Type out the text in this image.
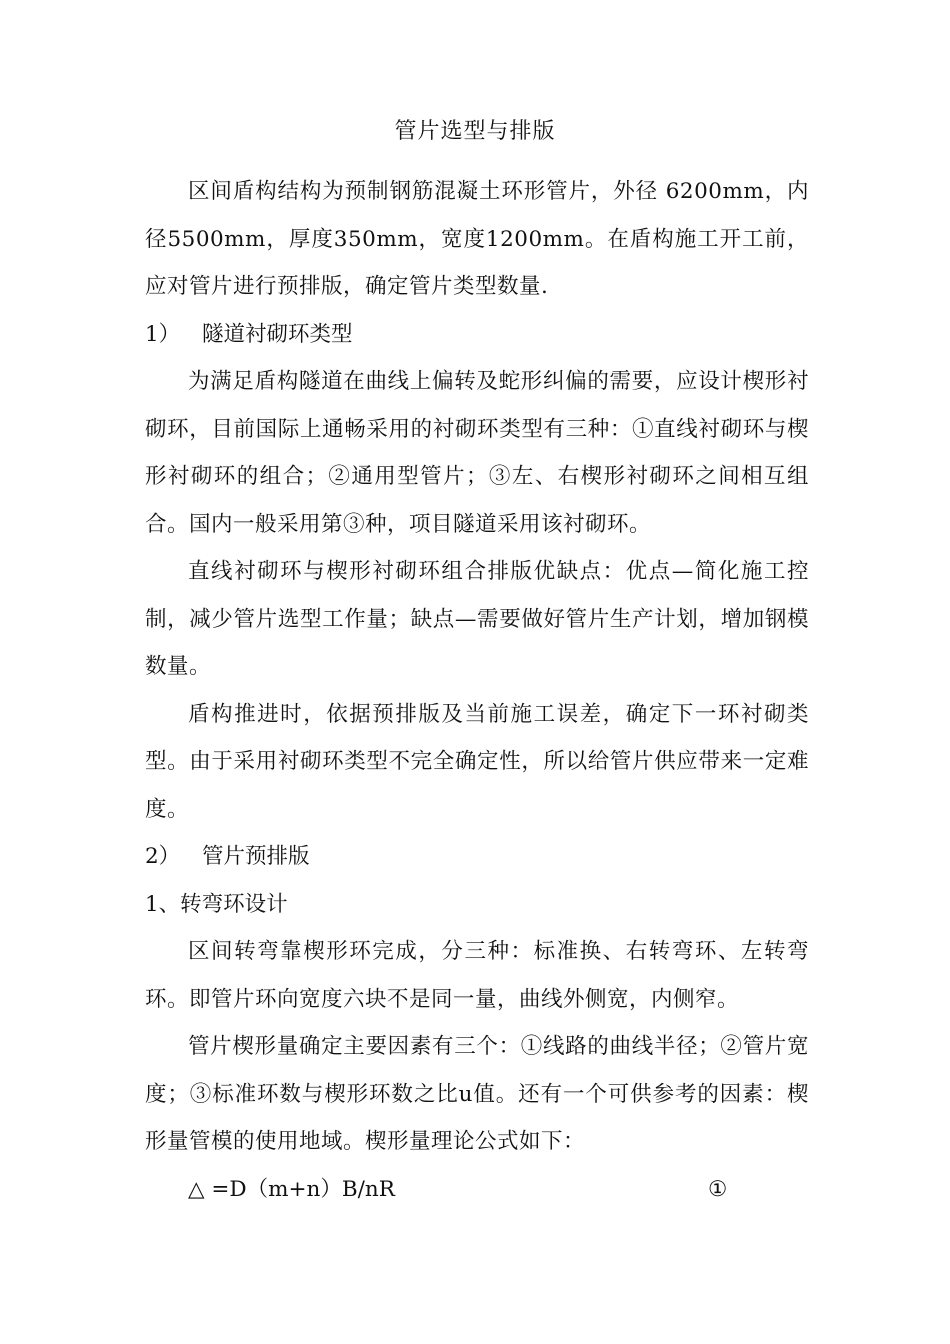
管片选型与排版

区间盾构结构为预制钢筋混凝土环形管片，外径 6200mm，内径5500mm，厚度350mm，宽度1200mm。在盾构施工开工前，应对管片进行预排版，确定管片类型数量.

1） 隧道衬砌环类型

为满足盾构隧道在曲线上偏转及蛇形纠偏的需要，应设计楔形衬砌环，目前国际上通畅采用的衬砌环类型有三种：①直线衬砌环与楔形衬砌环的组合；②通用型管片；③左、右楔形衬砌环之间相互组合。国内一般采用第③种，项目隧道采用该衬砌环。

直线衬砌环与楔形衬砌环组合排版优缺点：优点—简化施工控制，减少管片选型工作量；缺点—需要做好管片生产计划，增加钢模数量。

盾构推进时，依据预排版及当前施工误差，确定下一环衬砌类型。由于采用衬砌环类型不完全确定性，所以给管片供应带来一定难度。

2） 管片预排版

1、转弯环设计

区间转弯靠楔形环完成，分三种：标准换、右转弯环、左转弯环。即管片环向宽度六块不是同一量，曲线外侧宽，内侧窄。

管片楔形量确定主要因素有三个：①线路的曲线半径；②管片宽度；③标准环数与楔形环数之比u值。还有一个可供参考的因素：楔形量管模的使用地域。楔形量理论公式如下：

△ =D（m+n）B/nR	①
